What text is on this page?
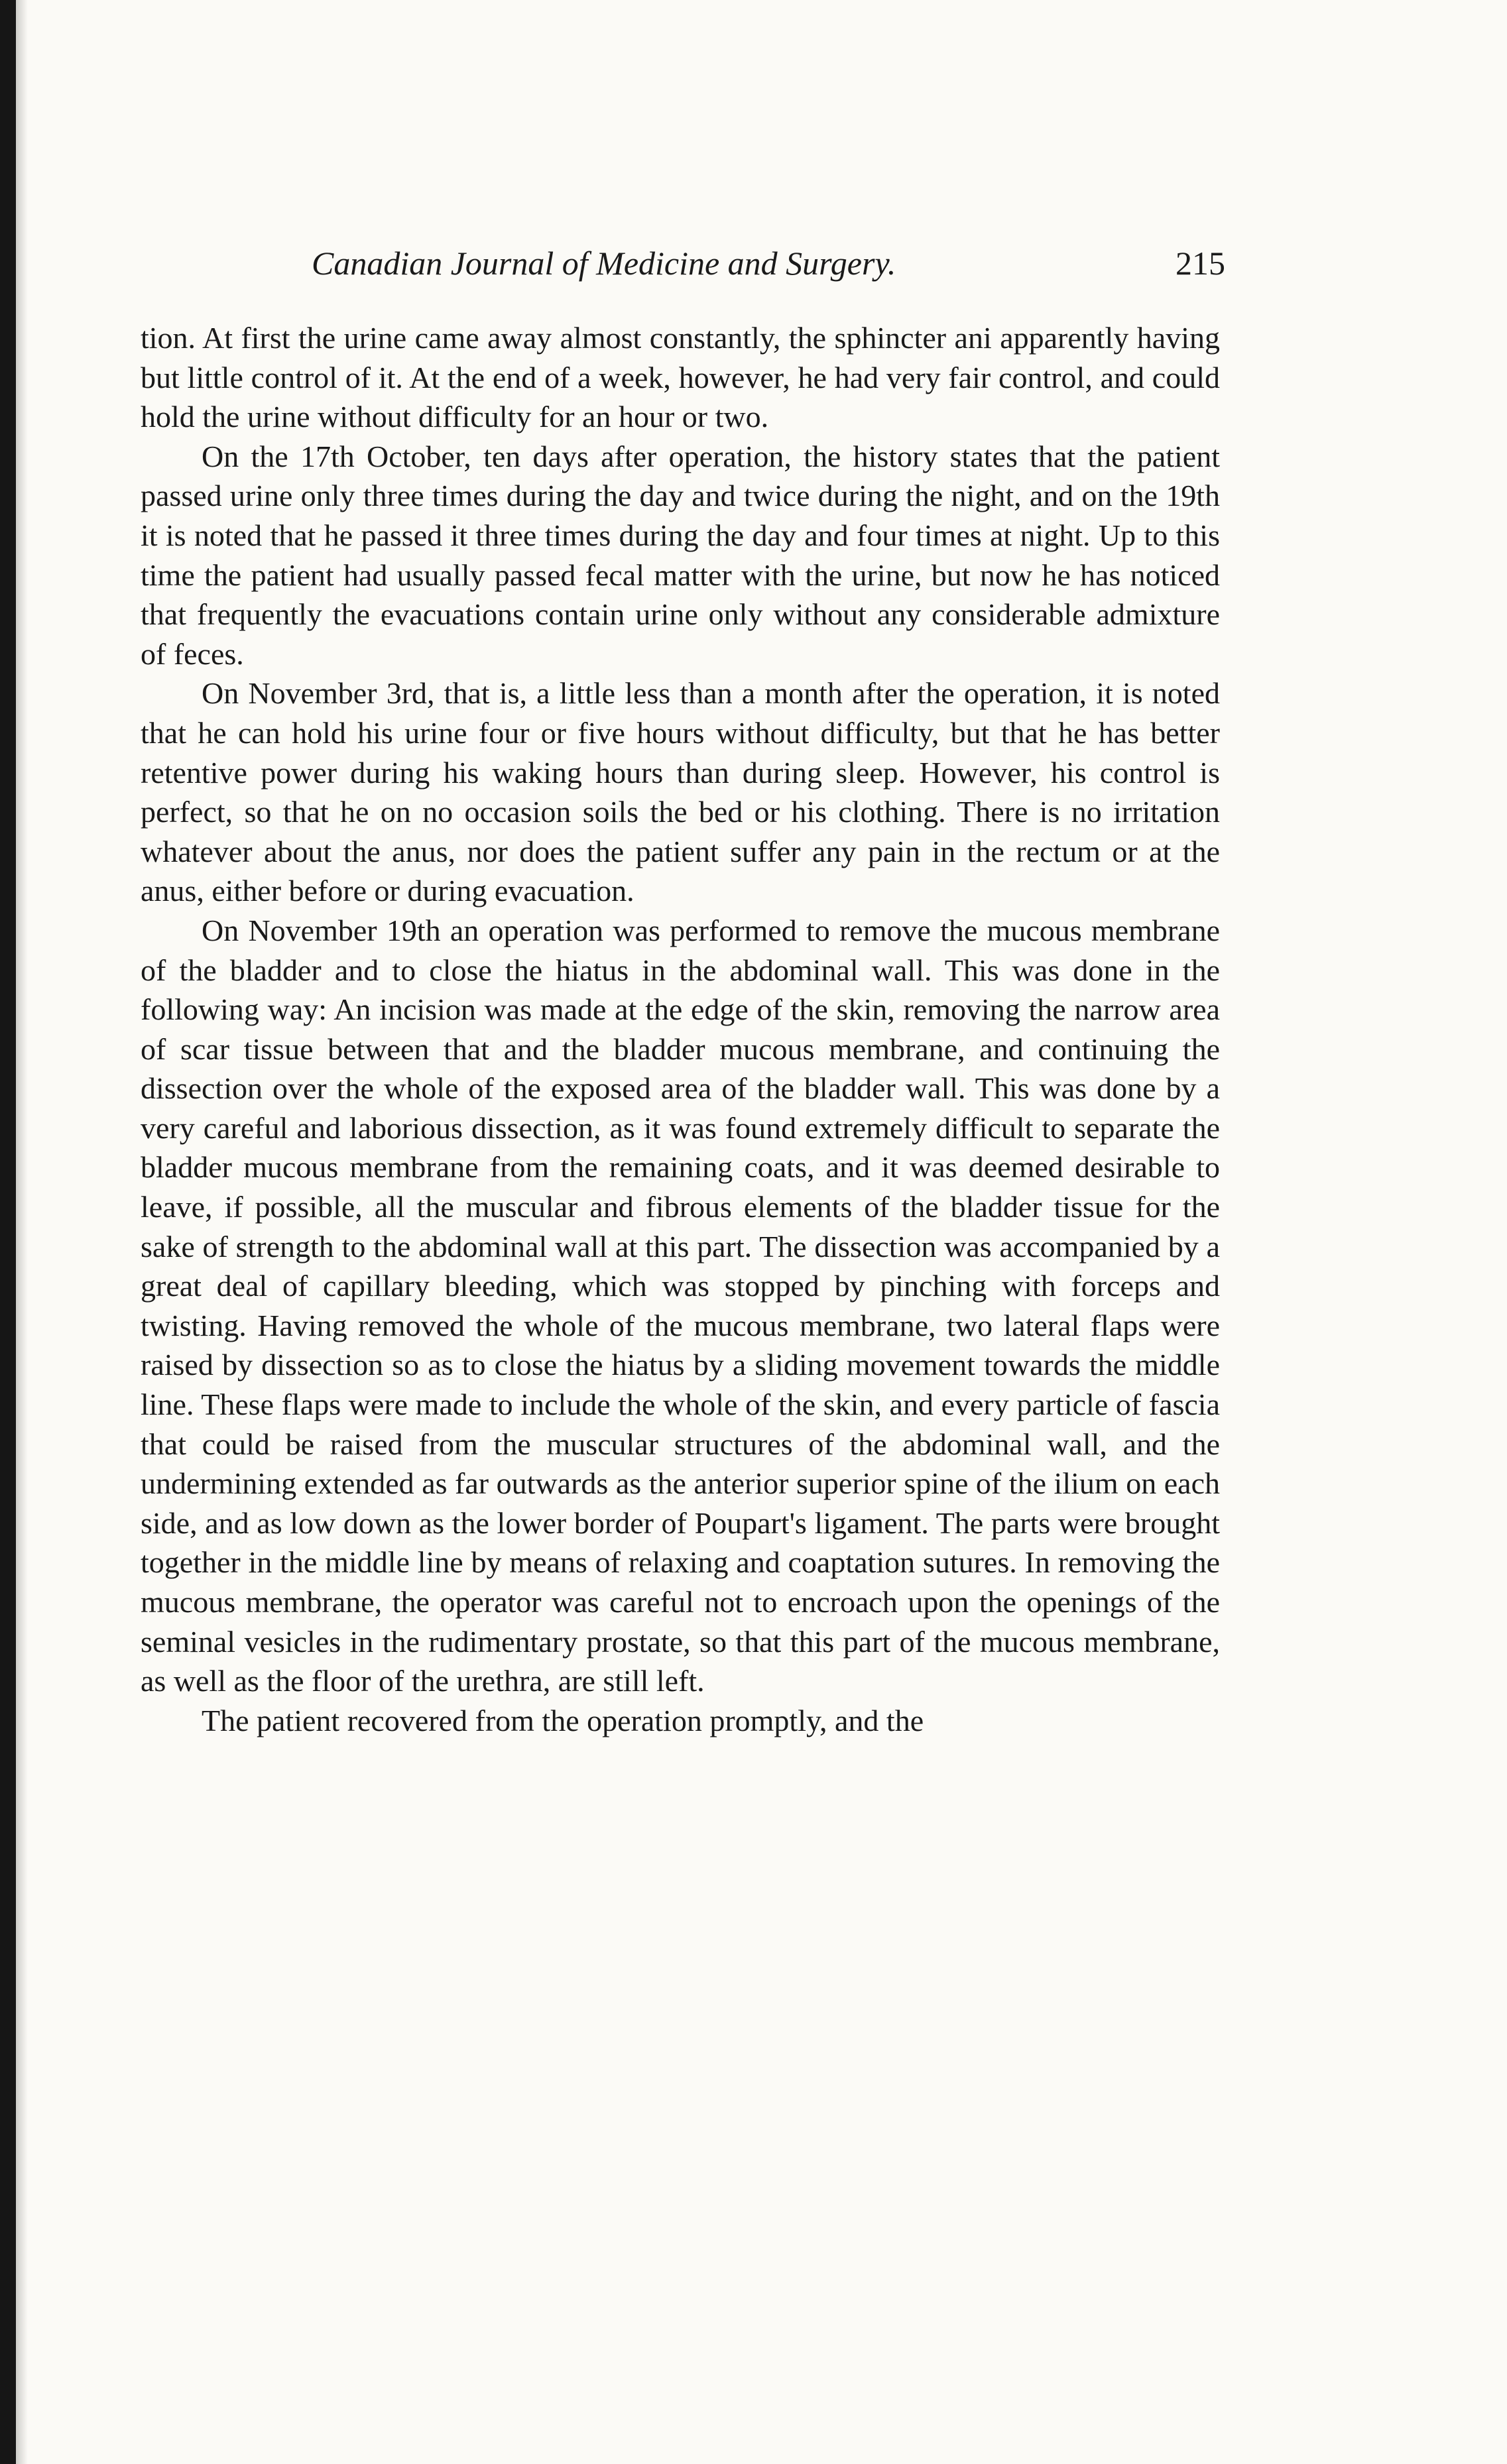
Canadian Journal of Medicine and Surgery.	215

tion. At first the urine came away almost constantly, the sphincter ani apparently having but little control of it. At the end of a week, however, he had very fair control, and could hold the urine without difficulty for an hour or two.

On the 17th October, ten days after operation, the history states that the patient passed urine only three times during the day and twice during the night, and on the 19th it is noted that he passed it three times during the day and four times at night. Up to this time the patient had usually passed fecal matter with the urine, but now he has noticed that frequently the evacuations contain urine only without any considerable admixture of feces.

On November 3rd, that is, a little less than a month after the operation, it is noted that he can hold his urine four or five hours without difficulty, but that he has better retentive power during his waking hours than during sleep. However, his control is perfect, so that he on no occasion soils the bed or his clothing. There is no irritation whatever about the anus, nor does the patient suffer any pain in the rectum or at the anus, either before or during evacuation.

On November 19th an operation was performed to remove the mucous membrane of the bladder and to close the hiatus in the abdominal wall. This was done in the following way: An incision was made at the edge of the skin, removing the narrow area of scar tissue between that and the bladder mucous membrane, and continuing the dissection over the whole of the exposed area of the bladder wall. This was done by a very careful and laborious dissection, as it was found extremely difficult to separate the bladder mucous membrane from the remaining coats, and it was deemed desirable to leave, if possible, all the muscular and fibrous elements of the bladder tissue for the sake of strength to the abdominal wall at this part. The dissection was accompanied by a great deal of capillary bleeding, which was stopped by pinching with forceps and twisting. Having removed the whole of the mucous membrane, two lateral flaps were raised by dissection so as to close the hiatus by a sliding movement towards the middle line. These flaps were made to include the whole of the skin, and every particle of fascia that could be raised from the muscular structures of the abdominal wall, and the undermining extended as far outwards as the anterior superior spine of the ilium on each side, and as low down as the lower border of Poupart's ligament. The parts were brought together in the middle line by means of relaxing and coaptation sutures. In removing the mucous membrane, the operator was careful not to encroach upon the openings of the seminal vesicles in the rudimentary prostate, so that this part of the mucous membrane, as well as the floor of the urethra, are still left.

The patient recovered from the operation promptly, and the
